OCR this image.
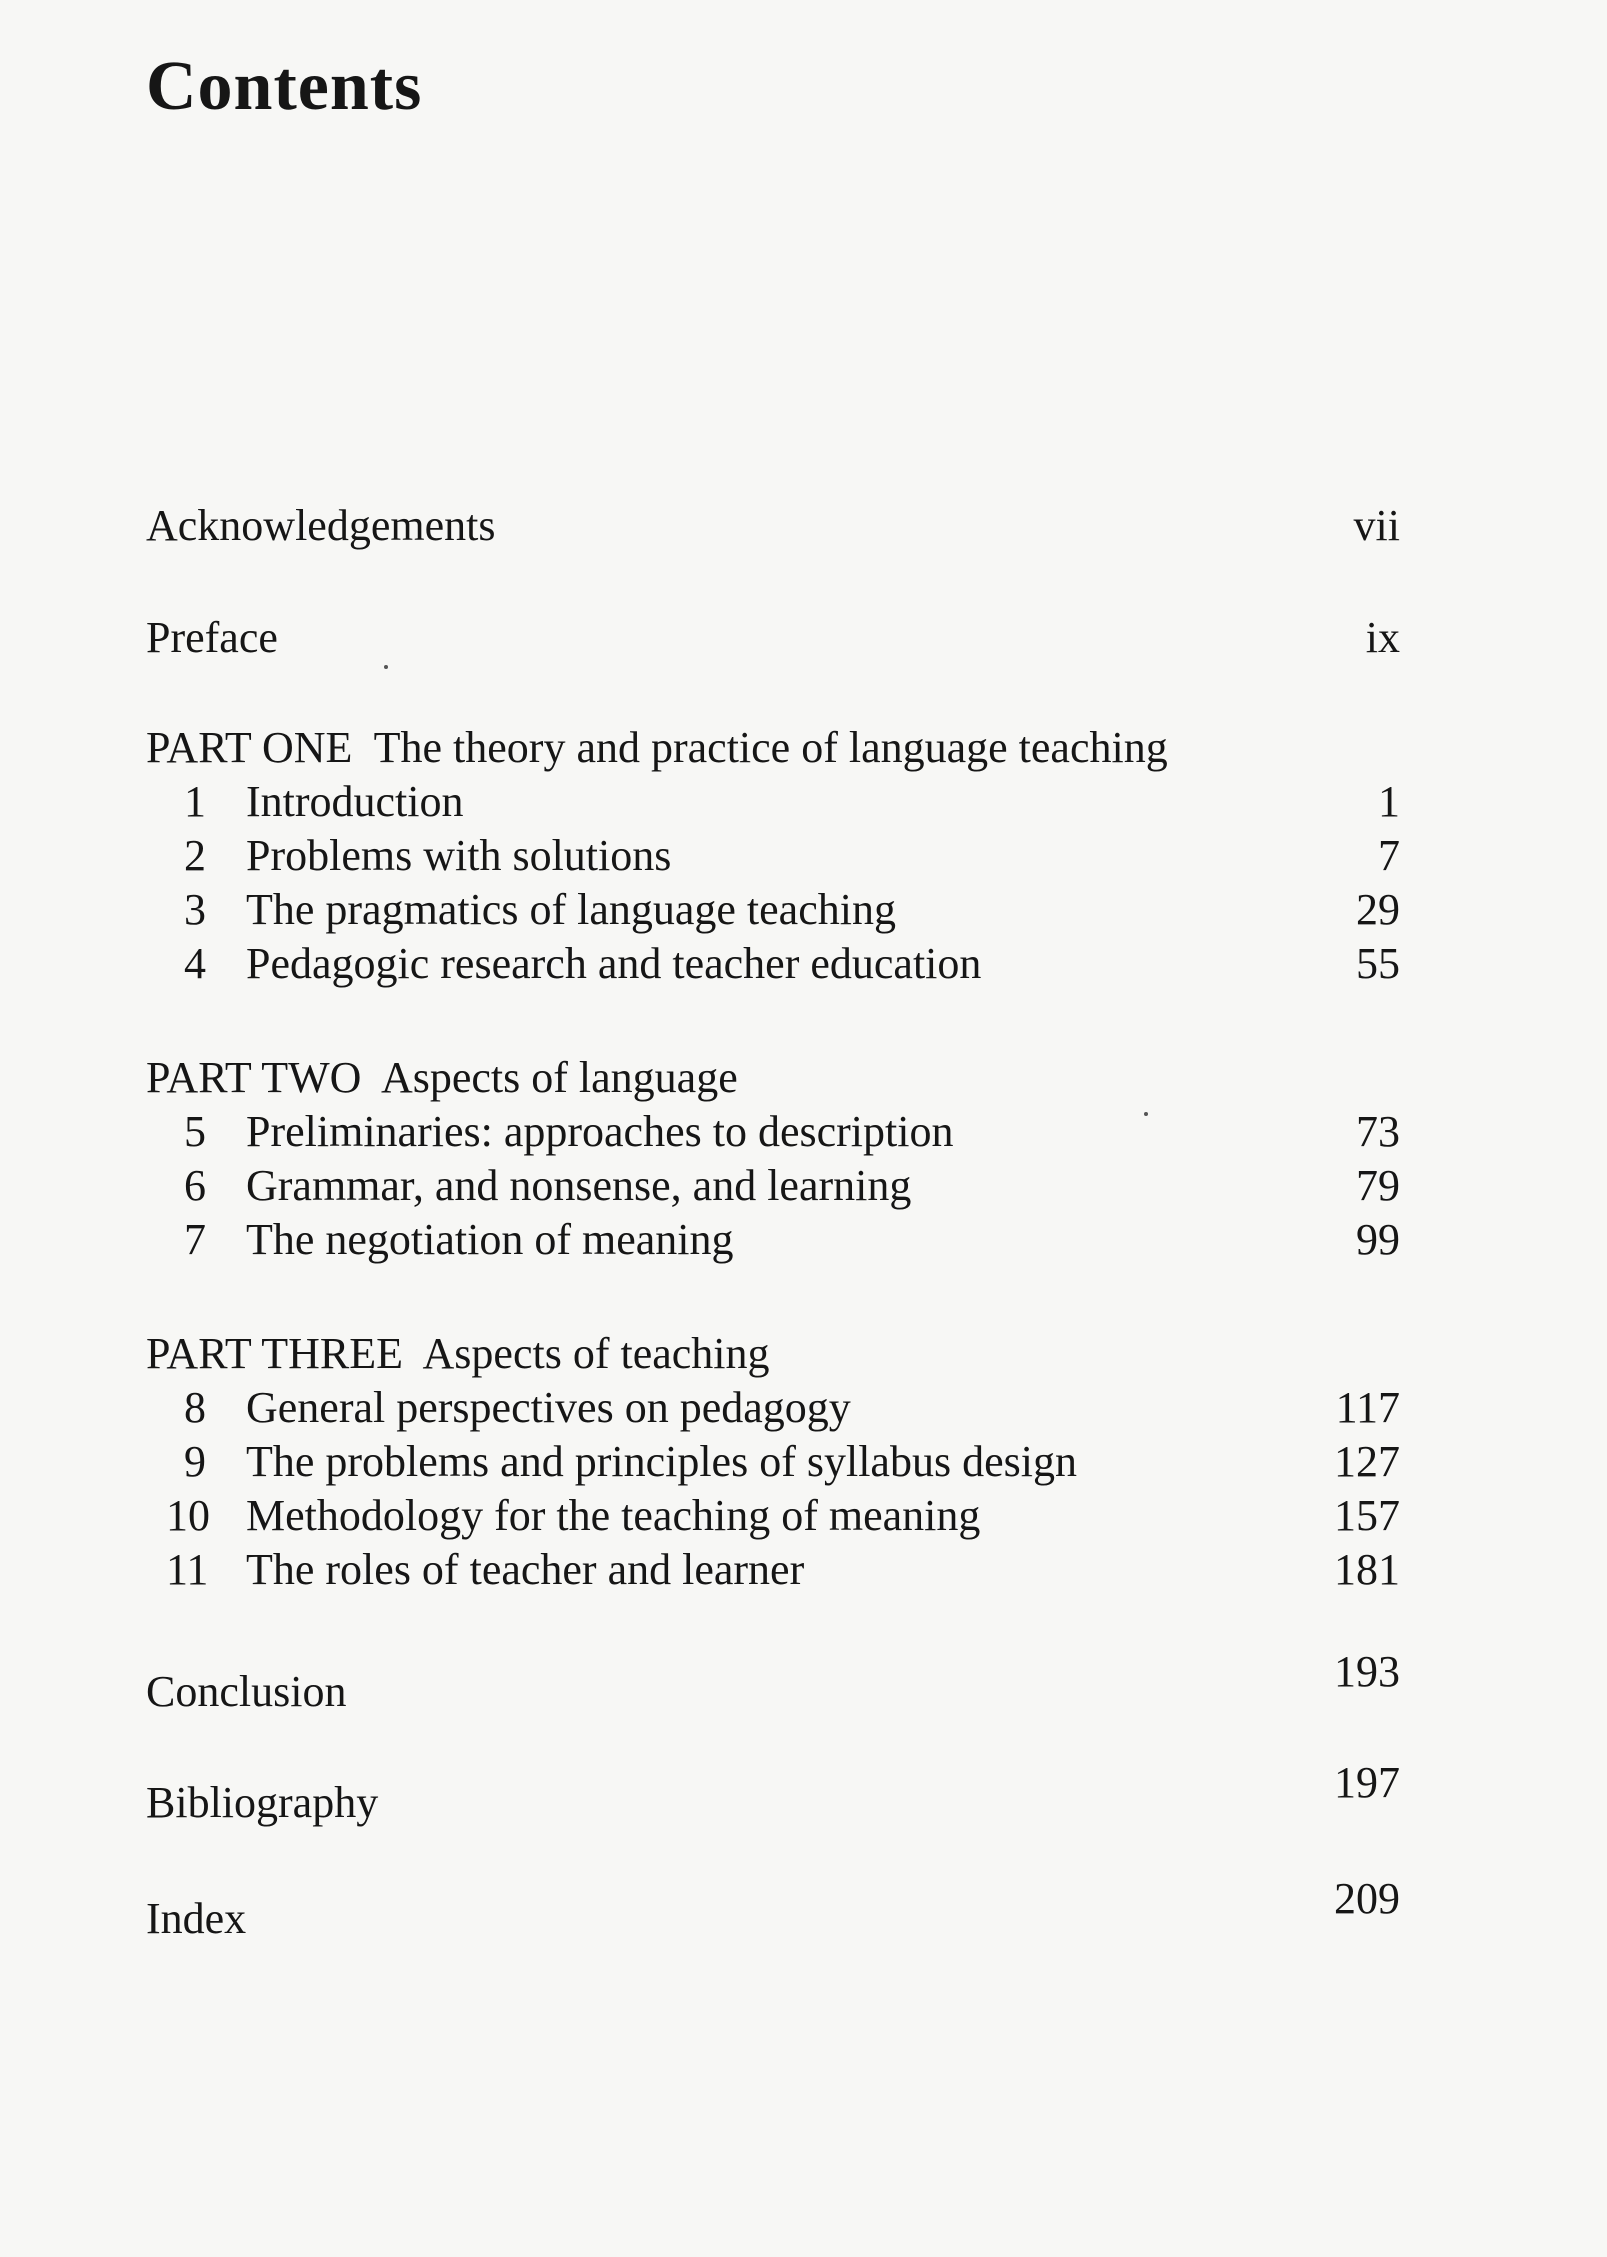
Contents
Acknowledgements	vii
Preface	ix
PART ONE The theory and practice of language teaching
1 Introduction	1
2 Problems with solutions	7
3 The pragmatics of language teaching	29
4 Pedagogic research and teacher education	55
PART TWO Aspects of language
5 Preliminaries: approaches to description	73
6 Grammar, and nonsense, and learning	79
7 The negotiation of meaning	99
PART THREE Aspects of teaching
8 General perspectives on pedagogy	117
9 The problems and principles of syllabus design	127
10 Methodology for the teaching of meaning	157
11 The roles of teacher and learner	181
Conclusion	193
Bibliography	197
Index	209
